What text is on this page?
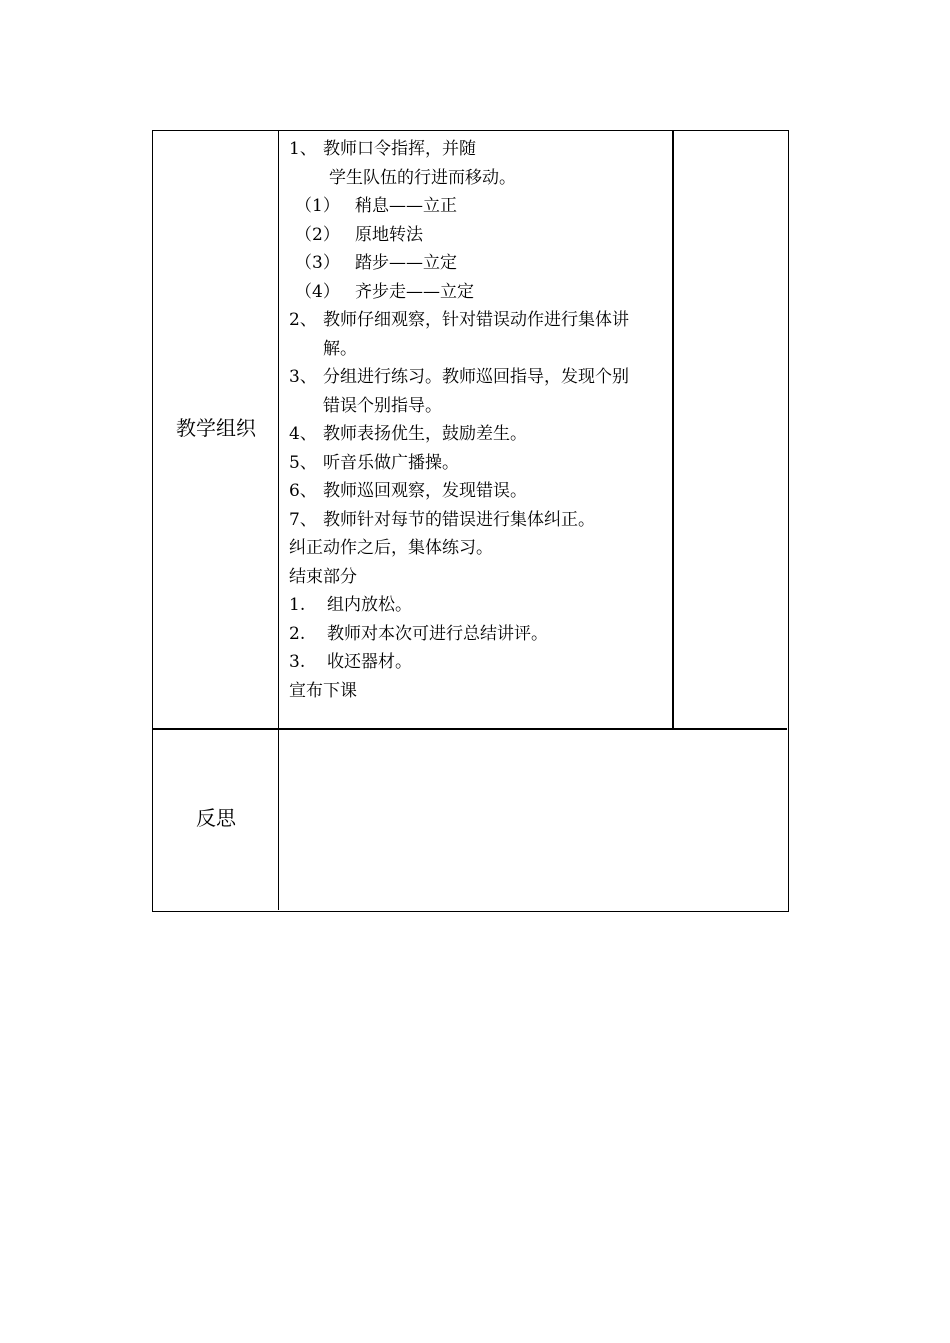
教学组织
1、 教师口令指挥，并随
学生队伍的行进而移动。
（1） 稍息——立正
（2） 原地转法
（3） 踏步——立定
（4） 齐步走——立定
2、 教师仔细观察，针对错误动作进行集体讲
解。
3、 分组进行练习。教师巡回指导，发现个别
错误个别指导。
4、 教师表扬优生，鼓励差生。
5、 听音乐做广播操。
6、 教师巡回观察，发现错误。
7、 教师针对每节的错误进行集体纠正。
纠正动作之后，集体练习。
结束部分
1. 组内放松。
2. 教师对本次可进行总结讲评。
3. 收还器材。
宣布下课
反思
